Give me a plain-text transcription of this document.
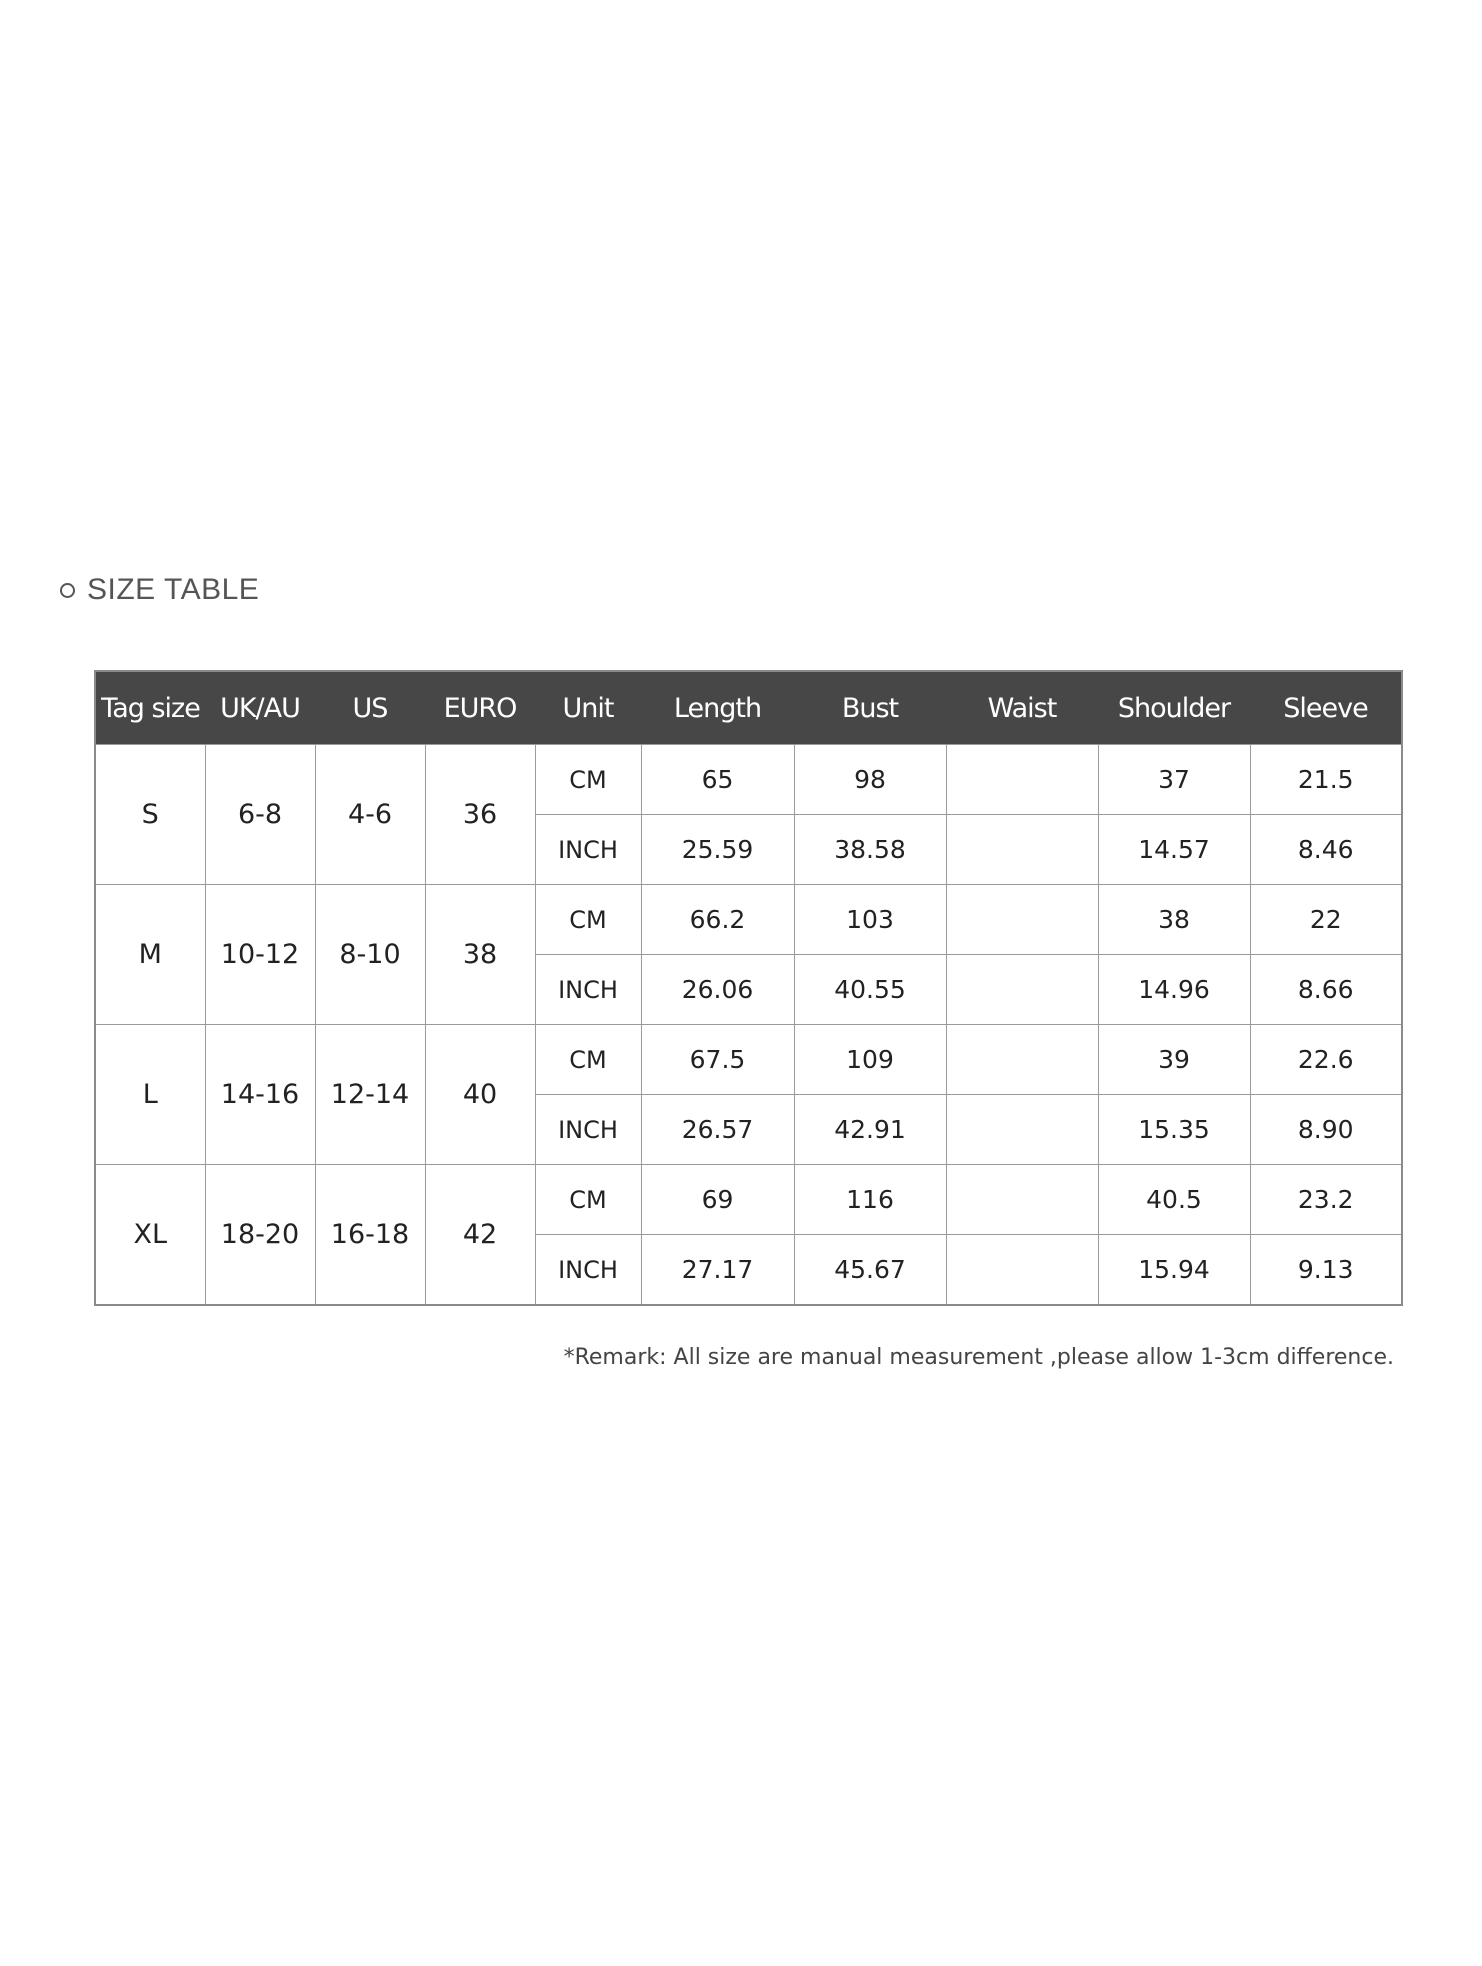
SIZE TABLE
Tag size	UK/AU	US	EURO	Unit	Length	Bust	Waist	Shoulder	Sleeve
S	6-8	4-6	36	CM	65	98		37	21.5
				INCH	25.59	38.58		14.57	8.46
M	10-12	8-10	38	CM	66.2	103		38	22
				INCH	26.06	40.55		14.96	8.66
L	14-16	12-14	40	CM	67.5	109		39	22.6
				INCH	26.57	42.91		15.35	8.90
XL	18-20	16-18	42	CM	69	116		40.5	23.2
				INCH	27.17	45.67		15.94	9.13
*Remark: All size are manual measurement ,please allow 1-3cm difference.
